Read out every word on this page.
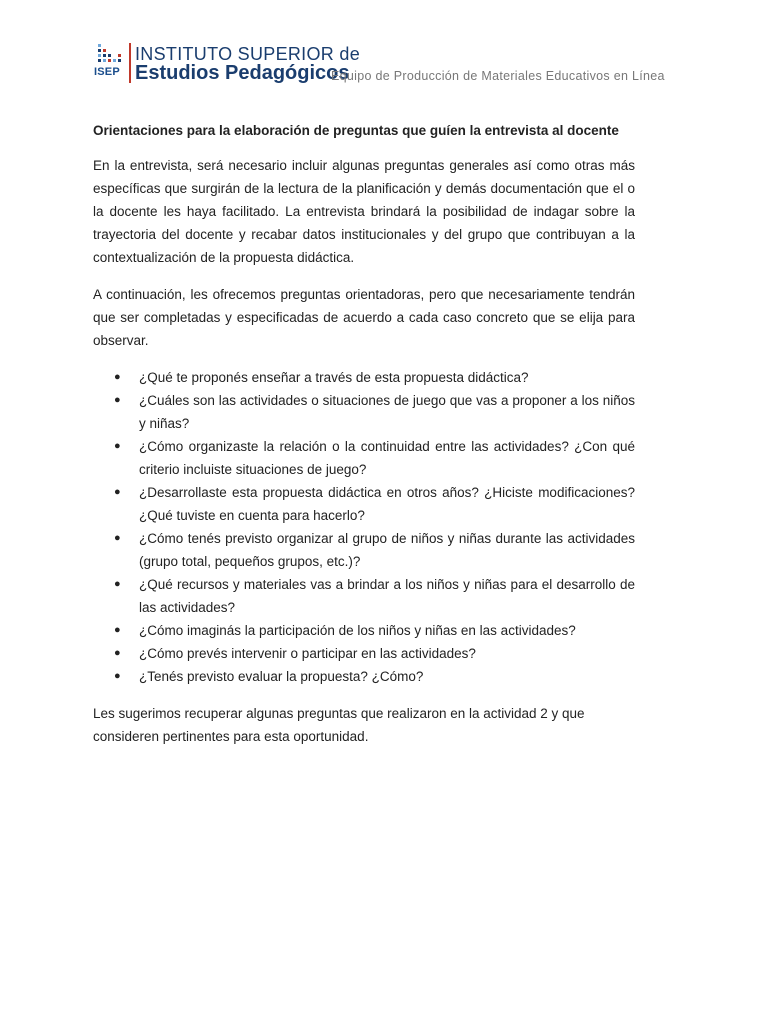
ISEP
INSTITUTO SUPERIOR de
Estudios Pedagógicos
Equipo de Producción de Materiales Educativos en Línea

Orientaciones para la elaboración de preguntas que guíen la entrevista al docente

En la entrevista, será necesario incluir algunas preguntas generales así como otras más específicas que surgirán de la lectura de la planificación y demás documentación que el o la docente les haya facilitado. La entrevista brindará la posibilidad de indagar sobre la trayectoria del docente y recabar datos institucionales y del grupo que contribuyan a la contextualización de la propuesta didáctica.

A continuación, les ofrecemos preguntas orientadoras, pero que necesariamente tendrán que ser completadas y especificadas de acuerdo a cada caso concreto que se elija para observar.

● ¿Qué te proponés enseñar a través de esta propuesta didáctica?
● ¿Cuáles son las actividades o situaciones de juego que vas a proponer a los niños y niñas?
● ¿Cómo organizaste la relación o la continuidad entre las actividades? ¿Con qué criterio incluiste situaciones de juego?
● ¿Desarrollaste esta propuesta didáctica en otros años? ¿Hiciste modificaciones? ¿Qué tuviste en cuenta para hacerlo?
● ¿Cómo tenés previsto organizar al grupo de niños y niñas durante las actividades (grupo total, pequeños grupos, etc.)?
● ¿Qué recursos y materiales vas a brindar a los niños y niñas para el desarrollo de las actividades?
● ¿Cómo imaginás la participación de los niños y niñas en las actividades?
● ¿Cómo prevés intervenir o participar en las actividades?
● ¿Tenés previsto evaluar la propuesta? ¿Cómo?

Les sugerimos recuperar algunas preguntas que realizaron en la actividad 2 y que consideren pertinentes para esta oportunidad.
